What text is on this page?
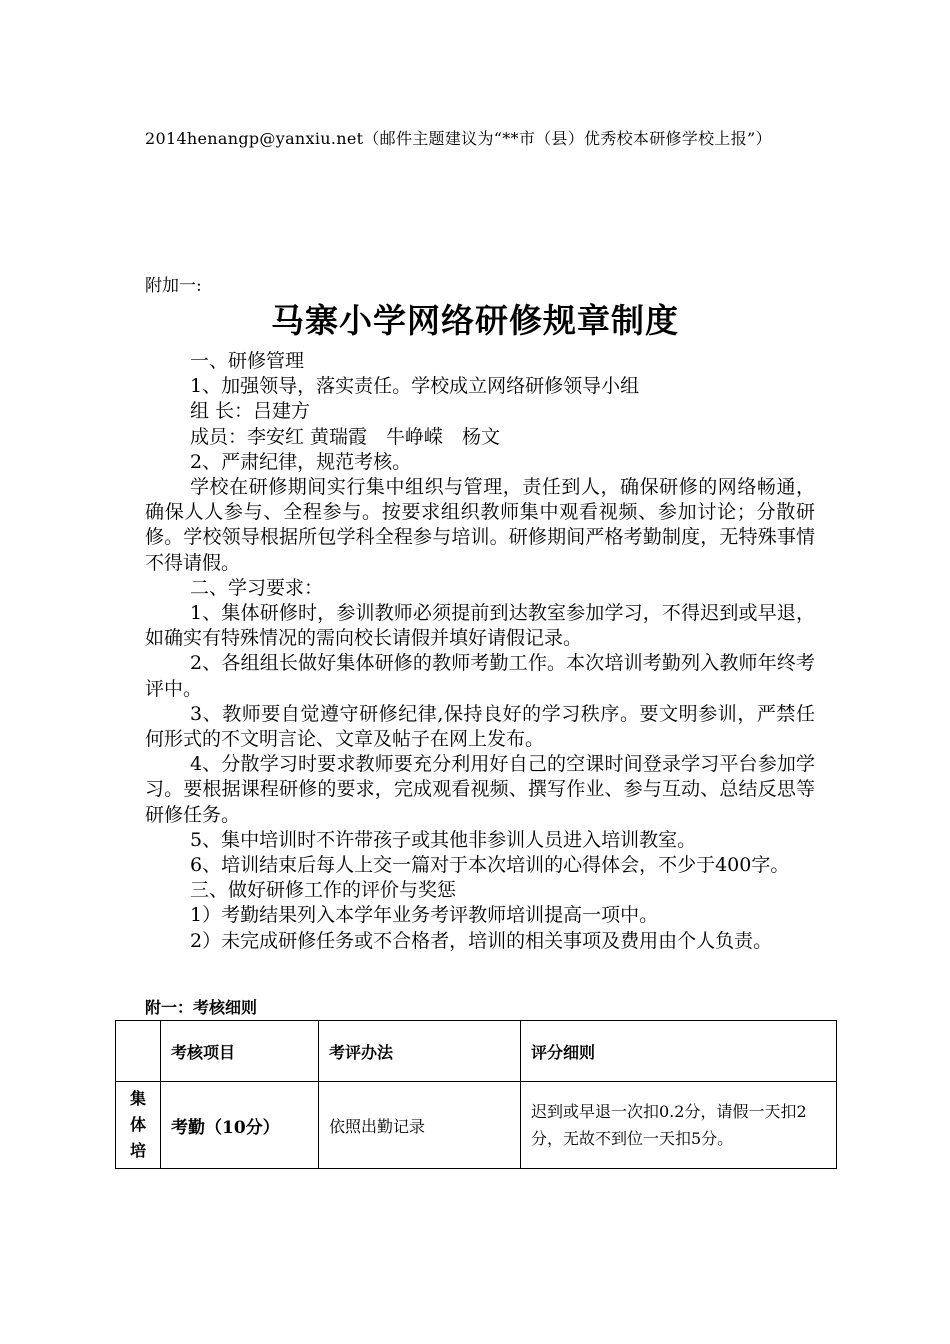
2014henangp@yanxiu.net（邮件主题建议为“**市（县）优秀校本研修学校上报”）
附加一:
马寨小学网络研修规章制度

一、研修管理

1、加强领导，落实责任。学校成立网络研修领导小组

组 长：吕建方

成员：李安红 黄瑞霞　牛峥嵘　杨文

2、严肃纪律，规范考核。

学校在研修期间实行集中组织与管理，责任到人，确保研修的网络畅通，确保人人参与、全程参与。按要求组织教师集中观看视频、参加讨论；分散研修。学校领导根据所包学科全程参与培训。研修期间严格考勤制度，无特殊事情不得请假。

二、学习要求：

1、集体研修时，参训教师必须提前到达教室参加学习，不得迟到或早退，如确实有特殊情况的需向校长请假并填好请假记录。

2、各组组长做好集体研修的教师考勤工作。本次培训考勤列入教师年终考评中。

3、教师要自觉遵守研修纪律,保持良好的学习秩序。要文明参训，严禁任何形式的不文明言论、文章及帖子在网上发布。

4、分散学习时要求教师要充分利用好自己的空课时间登录学习平台参加学习。要根据课程研修的要求，完成观看视频、撰写作业、参与互动、总结反思等研修任务。

5、集中培训时不许带孩子或其他非参训人员进入培训教室。

6、培训结束后每人上交一篇对于本次培训的心得体会，不少于400字。

三、做好研修工作的评价与奖惩

1）考勤结果列入本学年业务考评教师培训提高一项中。

2）未完成研修任务或不合格者，培训的相关事项及费用由个人负责。

附一：考核细则
	考核项目	考评办法	评分细则

集
体
培	考勤（10分）	依照出勤记录	迟到或早退一次扣0.2分，请假一天扣2分，无故不到位一天扣5分。
